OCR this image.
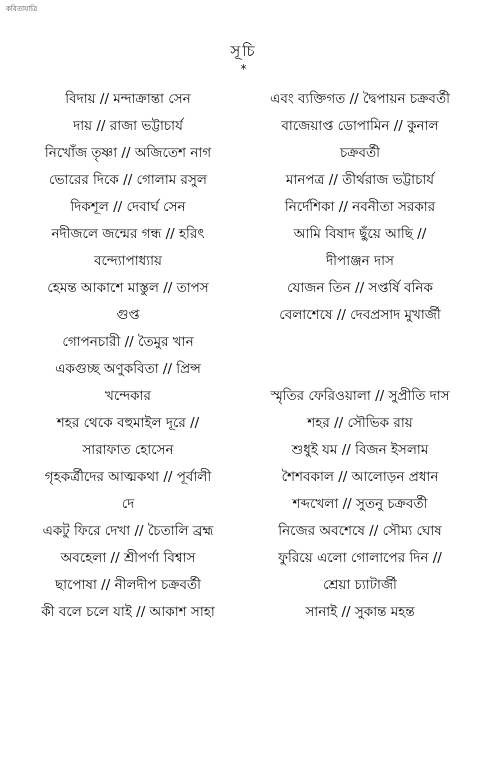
কবিতাযাত্রি
সূচি
*
বিদায় // মন্দাক্রান্তা সেন
দায় // রাজা ভট্টাচার্য
নিখোঁজ তৃষ্ণা // অজিতেশ নাগ
ভোরের দিকে // গোলাম রসুল
দিকশূল // দেবার্ঘ সেন
নদীজলে জন্মের গন্ধ // হরিৎ বন্দ্যোপাধ্যায়
হেমন্ত আকাশে মাস্তুল // তাপস গুপ্ত
গোপনচারী // তৈমুর খান
একগুচ্ছ অণুকবিতা // প্রিন্স খন্দেকার
শহর থেকে বহুমাইল দূরে // সারাফাত হোসেন
গৃহকর্ত্রীদের আত্মকথা // পূর্বালী দে
একটু ফিরে দেখা // চৈতালি ব্রহ্ম
অবহেলা // শ্রীপর্ণা বিশ্বাস
ছাপোষা // নীলদীপ চক্রবর্তী
কী বলে চলে যাই // আকাশ সাহা
এবং ব্যক্তিগত // দ্বৈপায়ন চক্রবর্তী
বাজেয়াপ্ত ডোপামিন // কুনাল চক্রবর্তী
মানপত্র // তীর্থরাজ ভট্টাচার্য
নির্দেশিকা // নবনীতা সরকার
আমি বিষাদ ছুঁয়ে আছি // দীপাঞ্জন দাস
যোজন তিন // সপ্তর্ষি বনিক
বেলাশেষে // দেবপ্রসাদ মুখার্জী
স্মৃতির ফেরিওয়ালা // সুপ্রীতি দাস
শহর // সৌভিক রায়
শুধুই যম // বিজন ইসলাম
শৈশবকাল // আলোড়ন প্রধান
শব্দখেলা // সুতনু চক্রবর্তী
নিজের অবশেষে // সৌম্য ঘোষ
ফুরিয়ে এলো গোলাপের দিন // শ্রেয়া চ্যাটার্জী
সানাই // সুকান্ত মহন্ত
